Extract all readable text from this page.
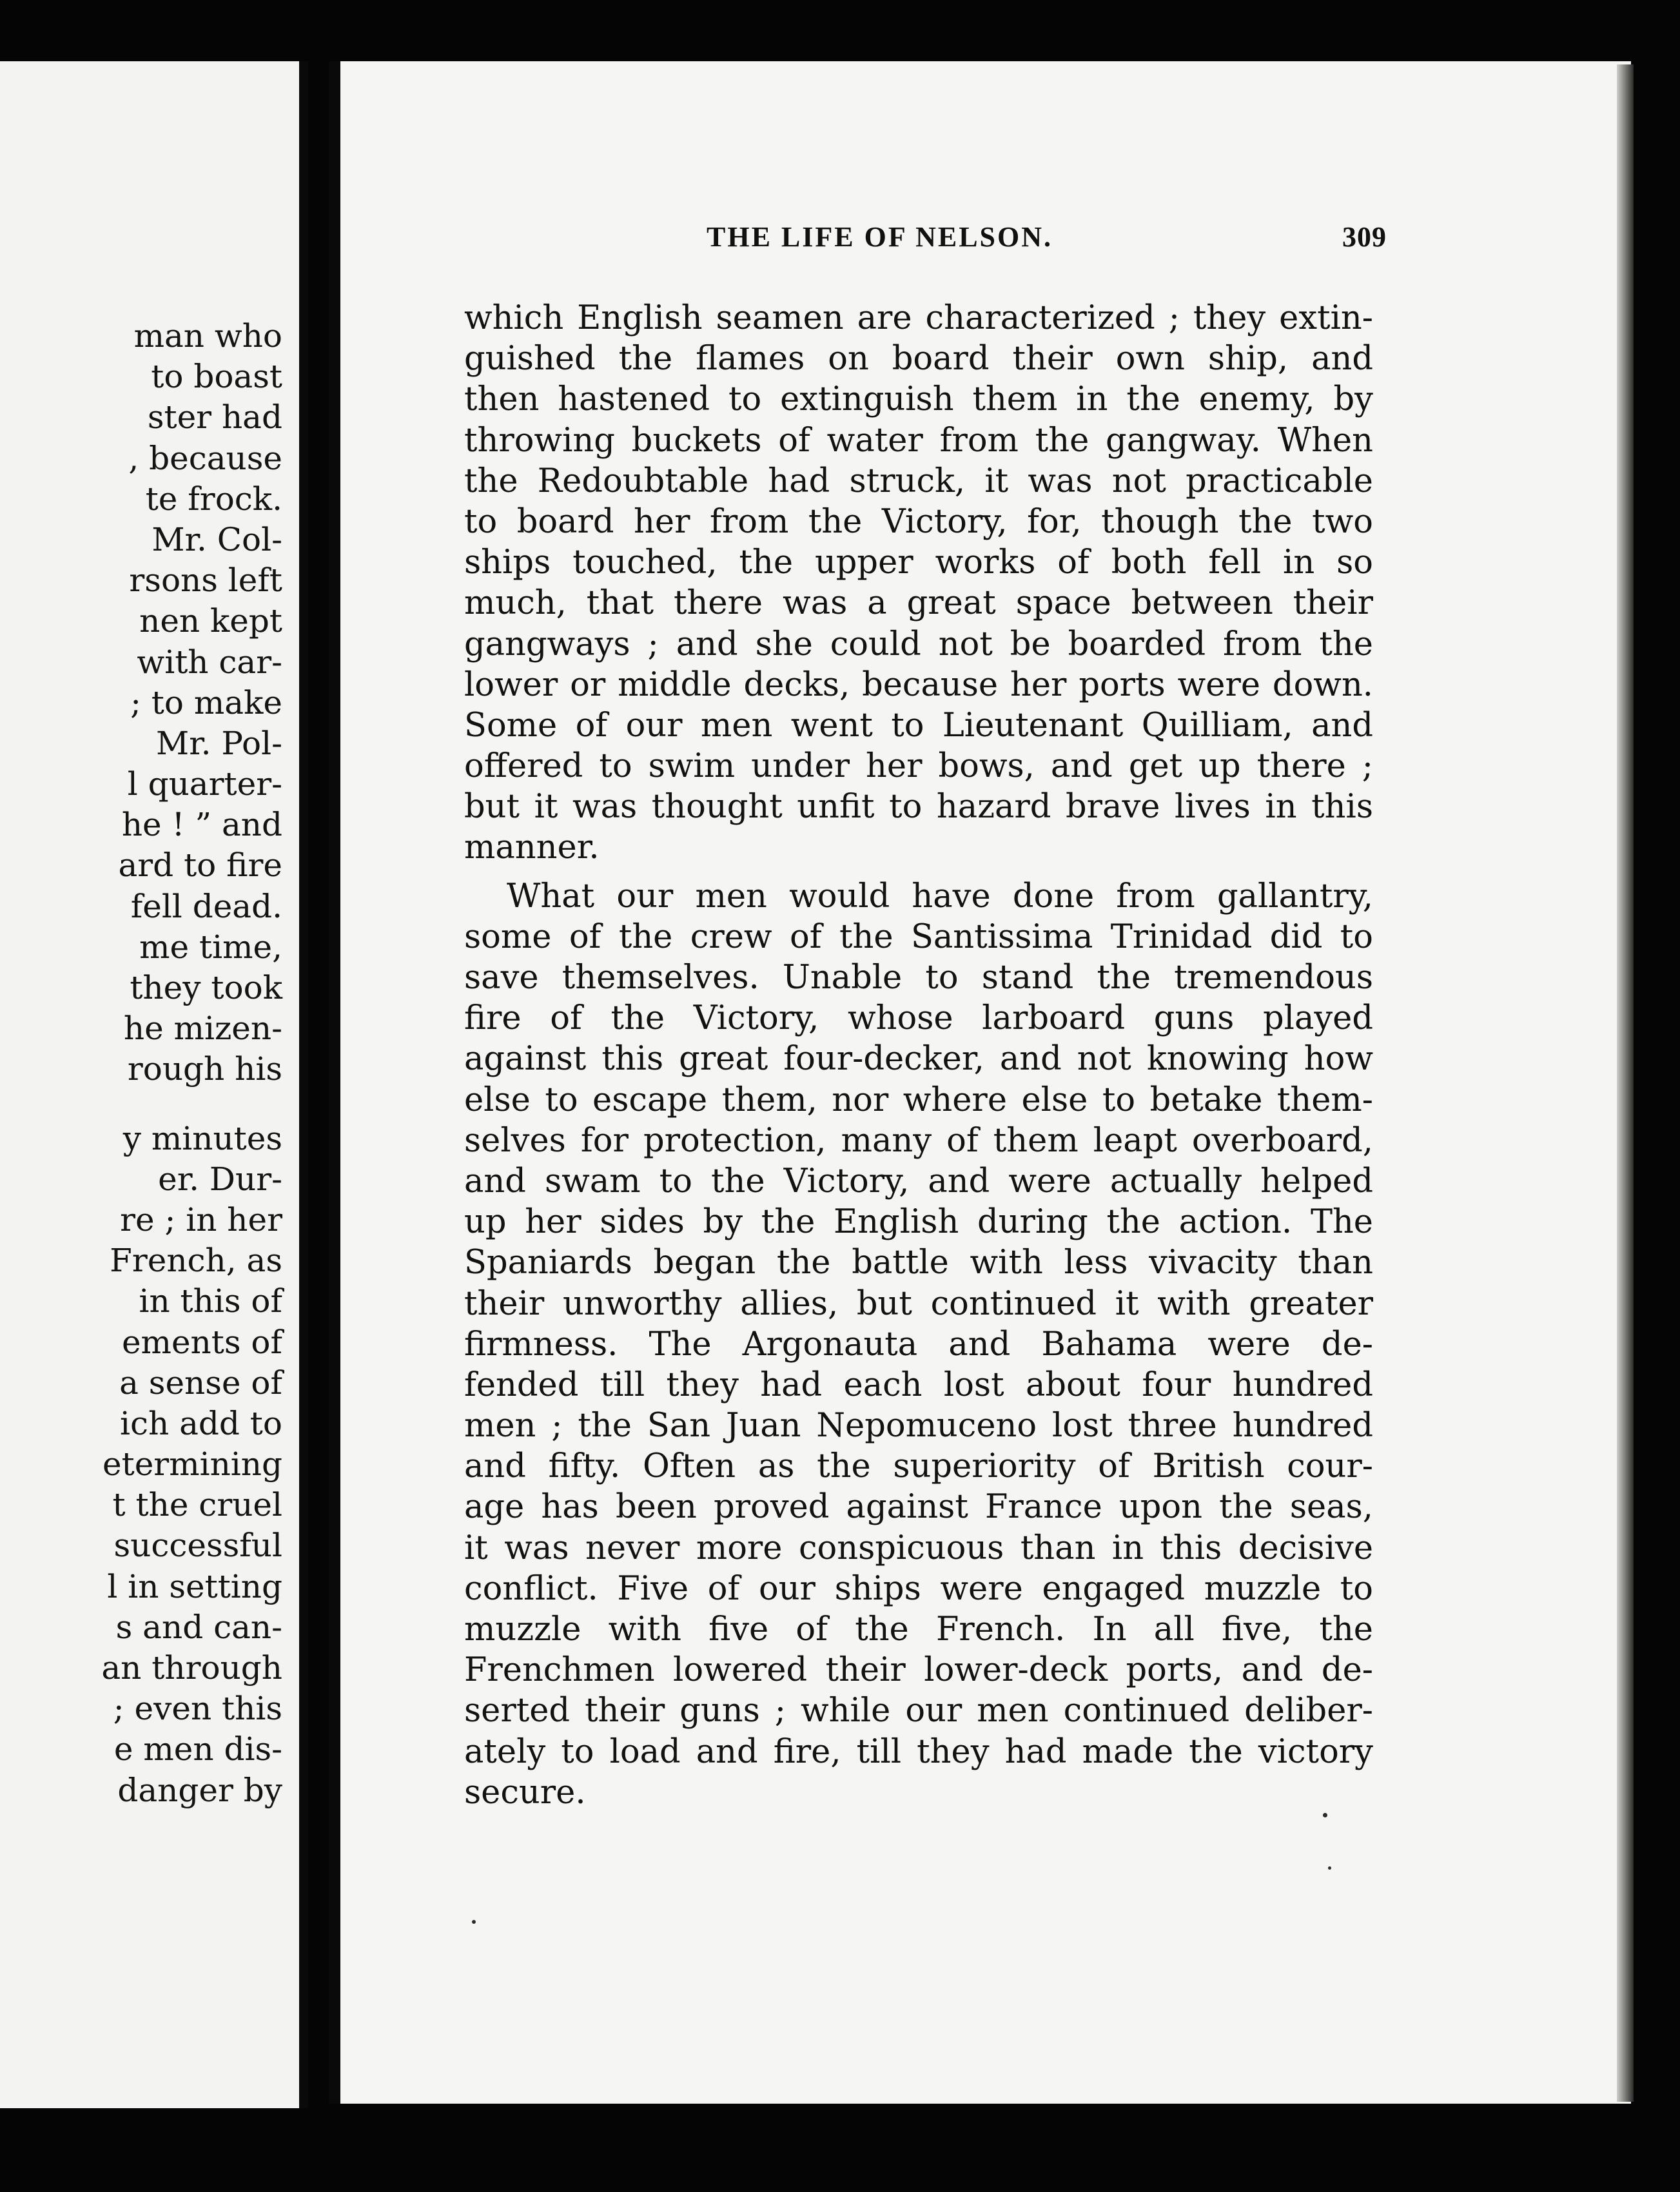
man who
to boast
ster had
, because
te frock.
Mr. Col-
rsons left
nen kept
with car-
; to make
Mr. Pol-
l quarter-
he ! ” and
ard to fire
fell dead.
me time,
they took
he mizen-
rough his
y minutes
er. Dur-
re ; in her
French, as
in this of
ements of
a sense of
ich add to
etermining
t the cruel
successful
l in setting
s and can-
an through
; even this
e men dis-
danger by
THE LIFE OF NELSON.	309
which English seamen are characterized ; they extin-
guished the flames on board their own ship, and
then hastened to extinguish them in the enemy, by
throwing buckets of water from the gangway. When
the Redoubtable had struck, it was not practicable
to board her from the Victory, for, though the two
ships touched, the upper works of both fell in so
much, that there was a great space between their
gangways ; and she could not be boarded from the
lower or middle decks, because her ports were down.
Some of our men went to Lieutenant Quilliam, and
offered to swim under her bows, and get up there ;
but it was thought unfit to hazard brave lives in this
manner.
What our men would have done from gallantry,
some of the crew of the Santissima Trinidad did to
save themselves. Unable to stand the tremendous
fire of the Victory, whose larboard guns played
against this great four-decker, and not knowing how
else to escape them, nor where else to betake them-
selves for protection, many of them leapt overboard,
and swam to the Victory, and were actually helped
up her sides by the English during the action. The
Spaniards began the battle with less vivacity than
their unworthy allies, but continued it with greater
firmness. The Argonauta and Bahama were de-
fended till they had each lost about four hundred
men ; the San Juan Nepomuceno lost three hundred
and fifty. Often as the superiority of British cour-
age has been proved against France upon the seas,
it was never more conspicuous than in this decisive
conflict. Five of our ships were engaged muzzle to
muzzle with five of the French. In all five, the
Frenchmen lowered their lower-deck ports, and de-
serted their guns ; while our men continued deliber-
ately to load and fire, till they had made the victory
secure.
